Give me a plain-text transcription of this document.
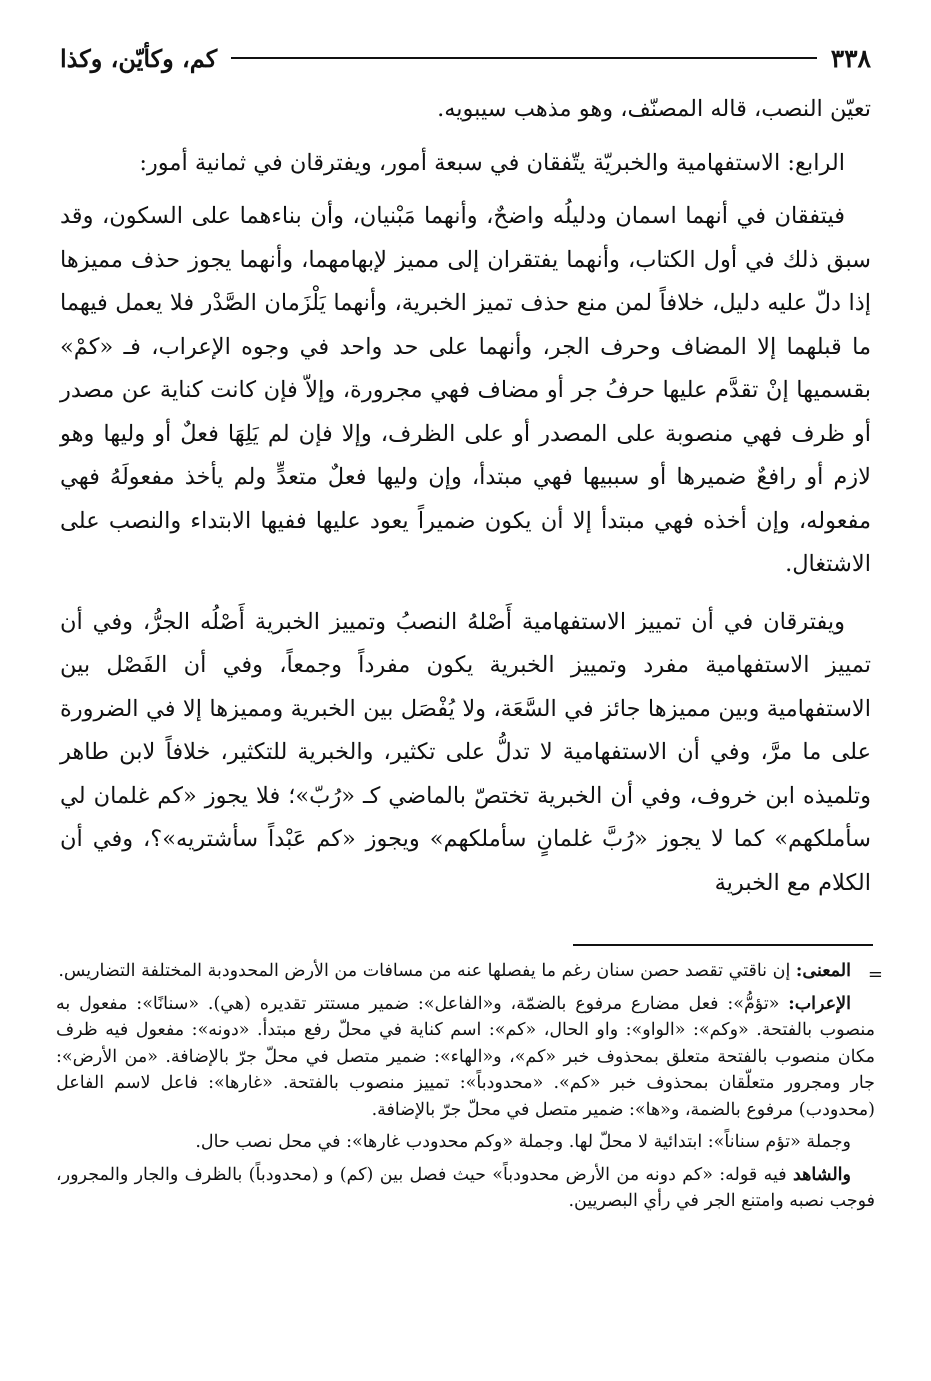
٣٣٨
كم، وكأيّن، وكذا

تعيّن النصب، قاله المصنّف، وهو مذهب سيبويه.

الرابع: الاستفهامية والخبريّة يتّفقان في سبعة أمور، ويفترقان في ثمانية أمور:

فيتفقان في أنهما اسمان ودليلُه واضحٌ، وأنهما مَبْنيان، وأن بناءهما على السكون، وقد سبق ذلك في أول الكتاب، وأنهما يفتقران إلى مميز لإبهامهما، وأنهما يجوز حذف مميزها إذا دلّ عليه دليل، خلافاً لمن منع حذف تميز الخبرية، وأنهما يَلْزَمان الصَّدْر فلا يعمل فيهما ما قبلهما إلا المضاف وحرف الجر، وأنهما على حد واحد في وجوه الإعراب، فـ «كمْ» بقسميها إنْ تقدَّم عليها حرفُ جر أو مضاف فهي مجرورة، وإلاّ فإن كانت كناية عن مصدر أو ظرف فهي منصوبة على المصدر أو على الظرف، وإلا فإن لم يَلِهَا فعلٌ أو وليها وهو لازم أو رافعٌ ضميرها أو سببيها فهي مبتدأ، وإن وليها فعلٌ متعدٍّ ولم يأخذ مفعولَهُ فهي مفعوله، وإن أخذه فهي مبتدأ إلا أن يكون ضميراً يعود عليها ففيها الابتداء والنصب على الاشتغال.

ويفترقان في أن تمييز الاستفهامية أَصْلهُ النصبُ وتمييز الخبرية أَصْلُه الجرُّ، وفي أن تمييز الاستفهامية مفرد وتمييز الخبرية يكون مفرداً وجمعاً، وفي أن الفَصْل بين الاستفهامية وبين مميزها جائز في السَّعَة، ولا يُفْصَل بين الخبرية ومميزها إلا في الضرورة على ما مرَّ، وفي أن الاستفهامية لا تدلُّ على تكثير، والخبرية للتكثير، خلافاً لابن طاهر وتلميذه ابن خروف، وفي أن الخبرية تختصّ بالماضي كـ «رُبّ»؛ فلا يجوز «كم غلمان لي سأملكهم» كما لا يجوز «رُبَّ غلمانٍ سأملكهم» ويجوز «كم عَبْداً سأشتريه»؟، وفي أن الكلام مع الخبرية

=

المعنى: إن ناقتي تقصد حصن سنان رغم ما يفصلها عنه من مسافات من الأرض المحدودبة المختلفة التضاريس.

الإعراب: «تؤمُّ»: فعل مضارع مرفوع بالضمّة، و«الفاعل»: ضمير مستتر تقديره (هي). «سنانًا»: مفعول به منصوب بالفتحة. «وكم»: «الواو»: واو الحال، «كم»: اسم كناية في محلّ رفع مبتدأ. «دونه»: مفعول فيه ظرف مكان منصوب بالفتحة متعلق بمحذوف خبر «كم»، و«الهاء»: ضمير متصل في محلّ جرّ بالإضافة. «من الأرض»: جار ومجرور متعلّقان بمحذوف خبر «كم». «محدودباً»: تمييز منصوب بالفتحة. «غارها»: فاعل لاسم الفاعل (محدودب) مرفوع بالضمة، و«ها»: ضمير متصل في محلّ جرّ بالإضافة.

وجملة «تؤم سناناً»: ابتدائية لا محلّ لها. وجملة «وكم محدودب غارها»: في محل نصب حال.

والشاهد فيه قوله: «كم دونه من الأرض محدودباً» حيث فصل بين (كم) و (محدودباً) بالظرف والجار والمجرور، فوجب نصبه وامتنع الجر في رأي البصريين.
